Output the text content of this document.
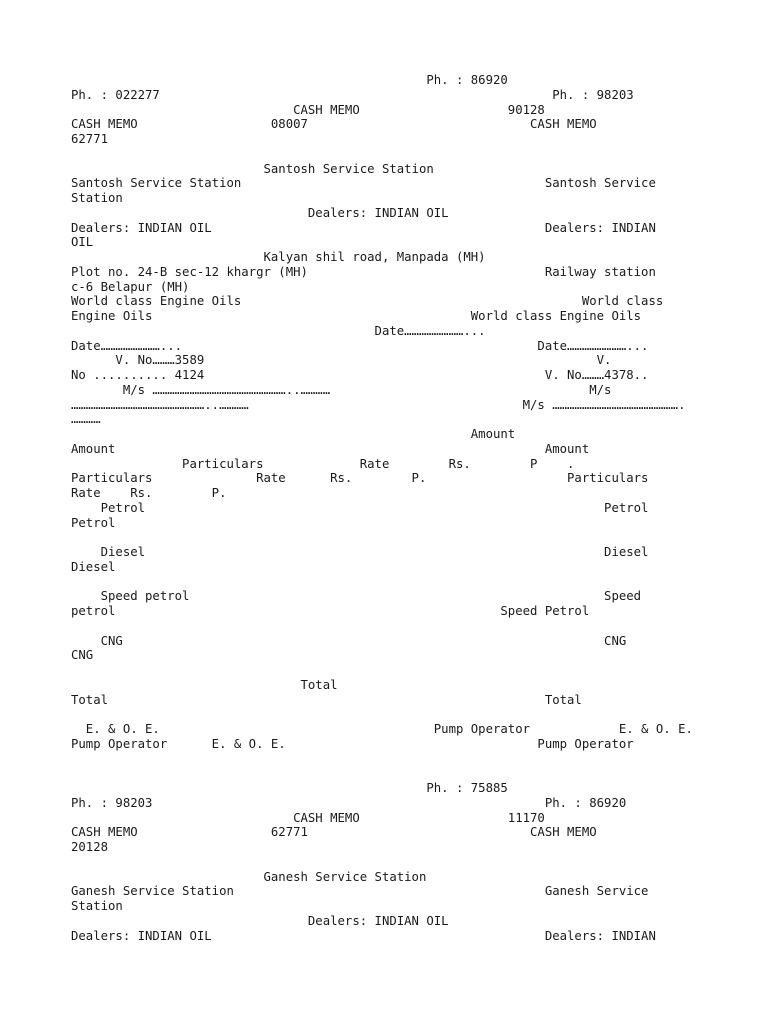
Ph. : 86920
Ph. : 022277                                                     Ph. : 98203
CASH MEMO                    90128
CASH MEMO                  08007                              CASH MEMO
62771
Santosh Service Station
Santosh Service Station                                         Santosh Service
Station
Dealers: INDIAN OIL
Dealers: INDIAN OIL                                             Dealers: INDIAN
OIL
Kalyan shil road, Manpada (MH)
Plot no. 24-B sec-12 khargr (MH)                                Railway station
c-6 Belapur (MH)
World class Engine Oils                                              World class
Engine Oils                                           World class Engine Oils
Date……………………...
Date……………………...                                                Date……………………...
V. No………3589                                                     V.
No .......... 4124                                              V. No………4378..
M/s ………………………………………………..…………                                   M/s
………………………………………………..…………                                     M/s …………………………………………….
…………
Amount
Amount                                                          Amount
Particulars             Rate        Rs.        P    .
Particulars              Rate      Rs.        P.                   Particulars
Rate    Rs.        P.
Petrol                                                              Petrol
Petrol
Diesel                                                              Diesel
Diesel
Speed petrol                                                        Speed
petrol                                                    Speed Petrol
CNG                                                                 CNG
CNG
Total
Total                                                           Total
E. & O. E.                                     Pump Operator            E. & O. E.
Pump Operator      E. & O. E.                                  Pump Operator
Ph. : 75885
Ph. : 98203                                                     Ph. : 86920
CASH MEMO                    11170
CASH MEMO                  62771                              CASH MEMO
20128
Ganesh Service Station
Ganesh Service Station                                          Ganesh Service
Station
Dealers: INDIAN OIL
Dealers: INDIAN OIL                                             Dealers: INDIAN
